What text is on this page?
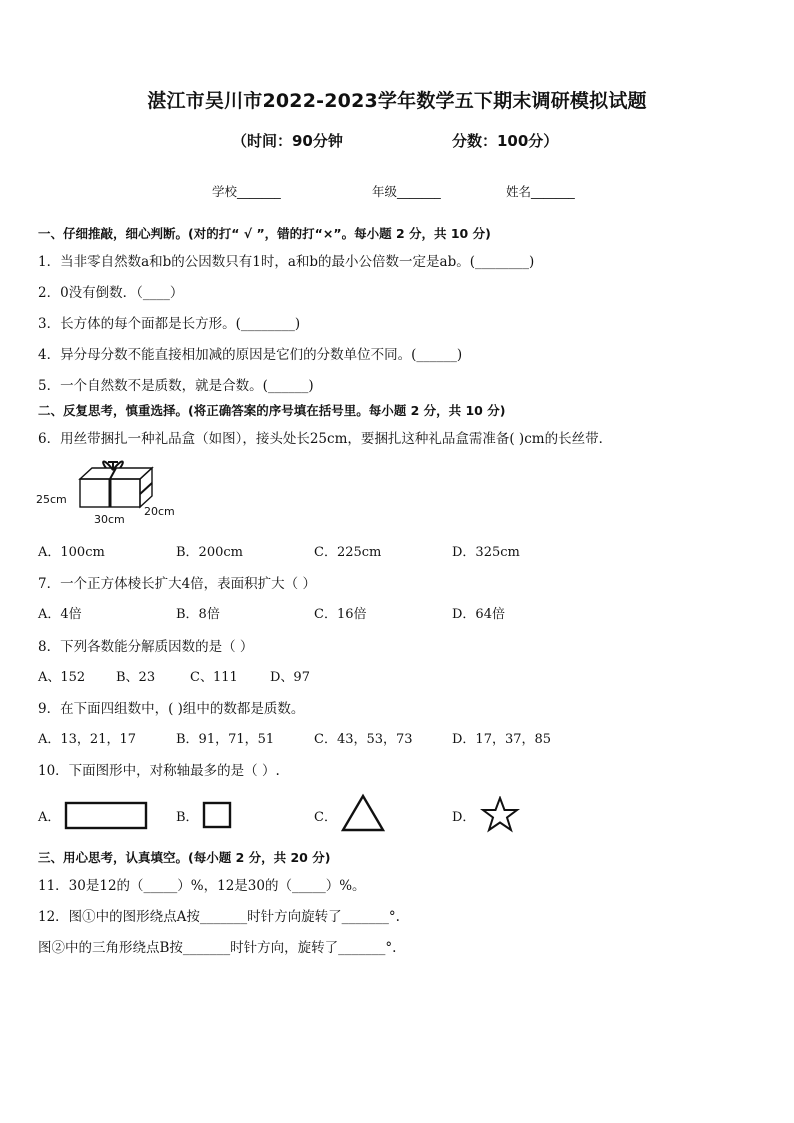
湛江市吴川市2022-2023学年数学五下期末调研模拟试题
（时间：90分钟	分数：100分）
学校_______	年级_______	姓名_______
一、仔细推敲，细心判断。(对的打“ √ ”，错的打“×”。每小题 2 分，共 10 分)
1．当非零自然数a和b的公因数只有1时，a和b的最小公倍数一定是ab。(________)
2．0没有倒数．（____）
3．长方体的每个面都是长方形。(________)
4．异分母分数不能直接相加减的原因是它们的分数单位不同。(______)
5．一个自然数不是质数，就是合数。(______)
二、反复思考，慎重选择。(将正确答案的序号填在括号里。每小题 2 分，共 10 分)
6．用丝带捆扎一种礼品盒（如图），接头处长25cm，要捆扎这种礼品盒需准备( )cm的长丝带．
25cm
30cm
20cm
A．100cm	B．200cm	C．225cm	D．325cm
7．一个正方体棱长扩大4倍，表面积扩大（ ）
A．4倍	B．8倍	C．16倍	D．64倍
8．下列各数能分解质因数的是（ ）
A、152 B、23	C、111 D、97
9．在下面四组数中，( )组中的数都是质数。
A．13，21，17	B．91，71，51	C．43，53，73	D．17，37，85
10．下面图形中，对称轴最多的是（ ）.
A．	B．	C．	D．
三、用心思考，认真填空。(每小题 2 分，共 20 分)
11．30是12的（_____）%，12是30的（_____）%。
12．图①中的图形绕点A按_______时针方向旋转了_______°.
图②中的三角形绕点B按_______时针方向，旋转了_______°.
